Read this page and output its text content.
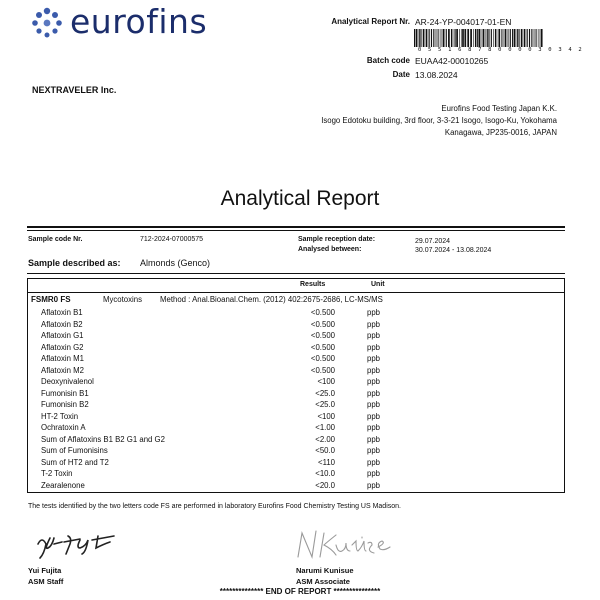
eurofins	Analytical Report Nr. AR-24-YP-004017-01-EN
0 5 5 1 6 8 7 8 0 0 0 0 3 0 3 4 2
Batch code EUAA42-00010265
Date 13.08.2024
NEXTRAVELER Inc.
Eurofins Food Testing Japan K.K.
Isogo Edotoku building, 3rd floor, 3-3-21 Isogo, Isogo-Ku, Yokohama
Kanagawa, JP235-0016, JAPAN
Analytical Report
Sample code Nr.	712-2024-07000575	Sample reception date:	29.07.2024
Analysed between:	30.07.2024 - 13.08.2024
Sample described as: Almonds (Genco)
Results	Unit
FSMR0 FS	Mycotoxins Method : Anal.Bioanal.Chem. (2012) 402:2675-2686, LC-MS/MS
Aflatoxin B1	<0.500	ppb
Aflatoxin B2	<0.500	ppb
Aflatoxin G1	<0.500	ppb
Aflatoxin G2	<0.500	ppb
Aflatoxin M1	<0.500	ppb
Aflatoxin M2	<0.500	ppb
Deoxynivalenol	<100	ppb
Fumonisin B1	<25.0	ppb
Fumonisin B2	<25.0	ppb
HT-2 Toxin	<100	ppb
Ochratoxin A	<1.00	ppb
Sum of Aflatoxins B1 B2 G1 and G2	<2.00	ppb
Sum of Fumonisins	<50.0	ppb
Sum of HT2 and T2	<110	ppb
T-2 Toxin	<10.0	ppb
Zearalenone	<20.0	ppb
The tests identified by the two letters code FS are performed in laboratory Eurofins Food Chemistry Testing US Madison.
Yui Fujita
ASM Staff
Narumi Kunisue
ASM Associate
************** END OF REPORT ***************
